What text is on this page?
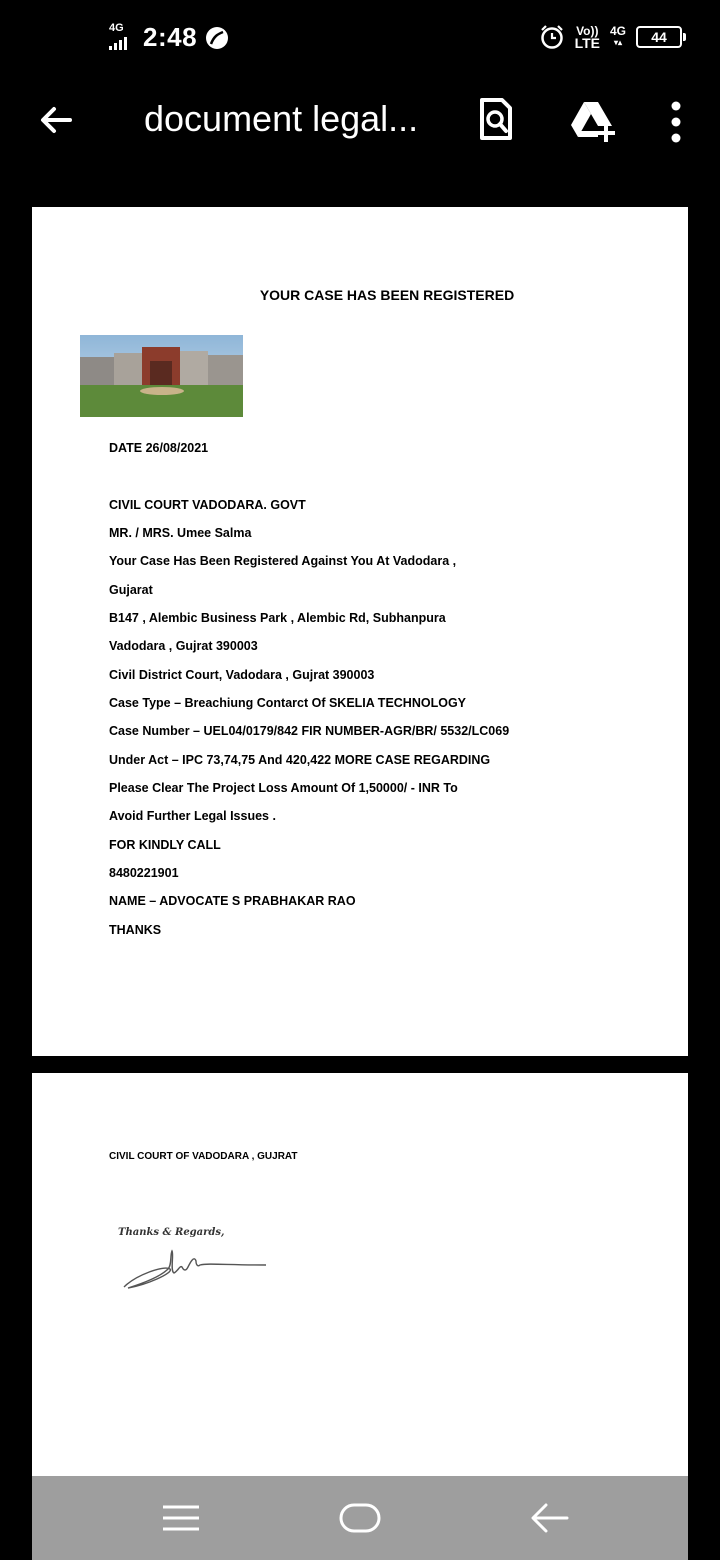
4G 2:48	Vo))
LTE
4G
▾▴ 44
document legal...
YOUR CASE HAS BEEN REGISTERED
DATE 26/08/2021
CIVIL COURT VADODARA. GOVT
MR. / MRS. Umee Salma
Your Case Has Been Registered Against You At Vadodara ,
Gujarat
B147 , Alembic Business Park , Alembic Rd, Subhanpura
Vadodara , Gujrat 390003
Civil District Court, Vadodara , Gujrat 390003
Case Type – Breachiung Contarct Of SKELIA TECHNOLOGY
Case Number – UEL04/0179/842 FIR NUMBER-AGR/BR/ 5532/LC069
Under Act – IPC 73,74,75 And 420,422 MORE CASE REGARDING
Please Clear The Project Loss Amount Of 1,50000/ - INR To
Avoid Further Legal Issues .
FOR KINDLY CALL
8480221901
NAME – ADVOCATE S PRABHAKAR RAO
THANKS
CIVIL COURT OF VADODARA , GUJRAT
Thanks & Regards,
